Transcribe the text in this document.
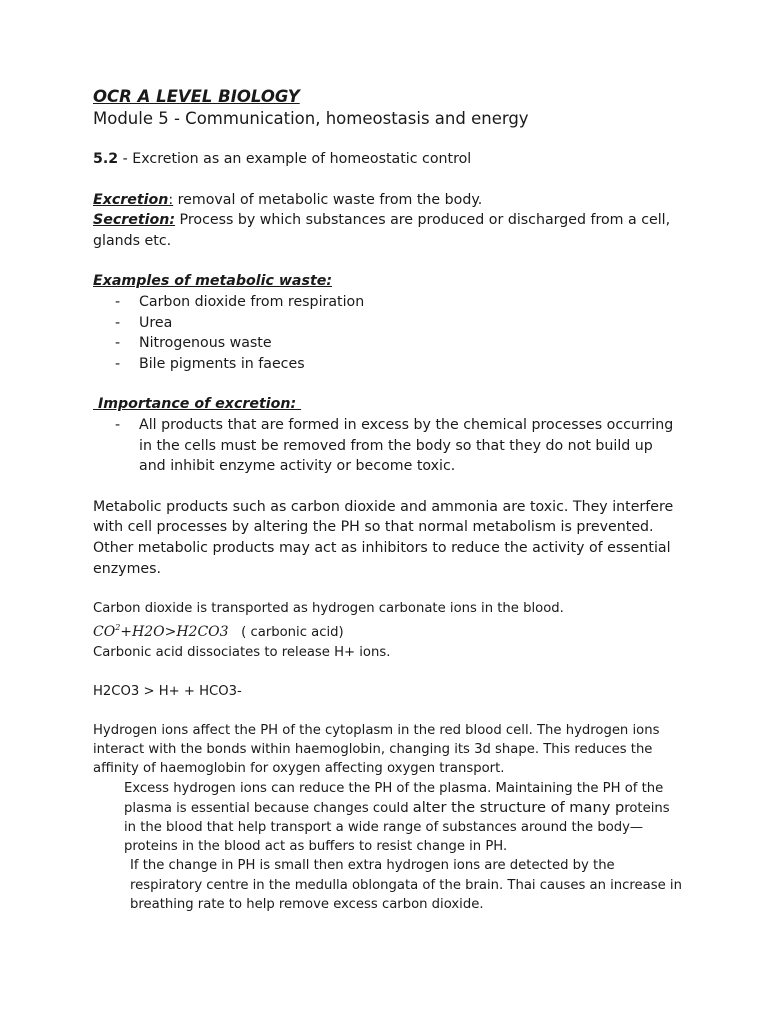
OCR A LEVEL BIOLOGY

Module 5 - Communication, homeostasis and energy

5.2 - Excretion as an example of homeostatic control

Excretion: removal of metabolic waste from the body.

Secretion: Process by which substances are produced or discharged from a cell, glands etc.

Examples of metabolic waste:

- Carbon dioxide from respiration
- Urea
- Nitrogenous waste
- Bile pigments in faeces

Importance of excretion:

- All products that are formed in excess by the chemical processes occurring in the cells must be removed from the body so that they do not build up and inhibit enzyme activity or become toxic.

Metabolic products such as carbon dioxide and ammonia are toxic. They interfere with cell processes by altering the PH so that normal metabolism is prevented. Other metabolic products may act as inhibitors to reduce the activity of essential enzymes.

Carbon dioxide is transported as hydrogen carbonate ions in the blood.

$CO^2+H2O>H2CO3$ ( carbonic acid)

Carbonic acid dissociates to release H+ ions.

H2CO3 > H+ + HCO3-

Hydrogen ions affect the PH of the cytoplasm in the red blood cell. The hydrogen ions interact with the bonds within haemoglobin, changing its 3d shape. This reduces the affinity of haemoglobin for oxygen affecting oxygen transport.

Excess hydrogen ions can reduce the PH of the plasma. Maintaining the PH of the plasma is essential because changes could alter the structure of many proteins in the blood that help transport a wide range of substances around the body—proteins in the blood act as buffers to resist change in PH.

If the change in PH is small then extra hydrogen ions are detected by the respiratory centre in the medulla oblongata of the brain. Thai causes an increase in breathing rate to help remove excess carbon dioxide.
